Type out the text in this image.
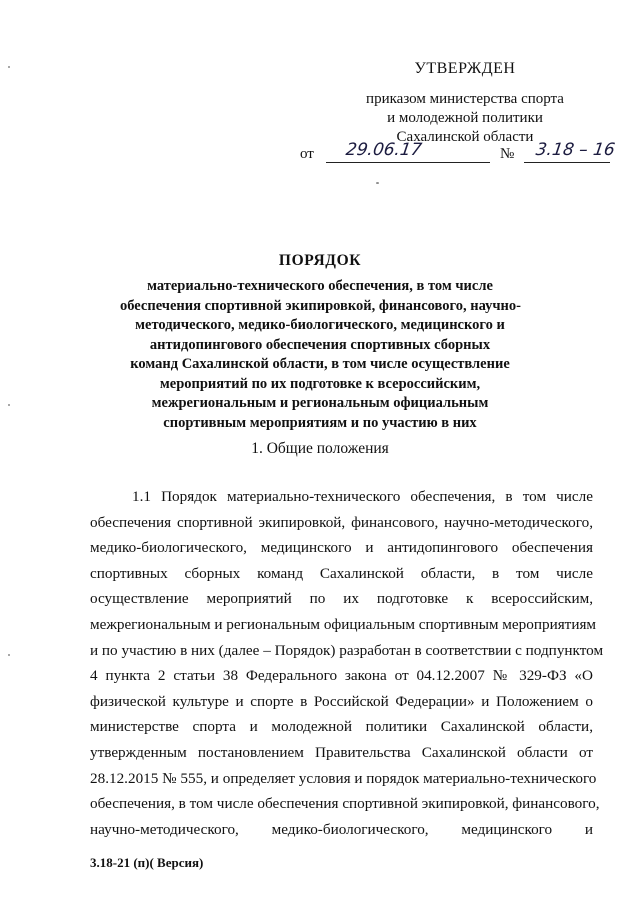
УТВЕРЖДЕН
приказом министерства спорта
и молодежной политики
Сахалинской области
от 29.06.17	№ 3.18 – 16
ПОРЯДОК
материально-технического обеспечения, в том числе
обеспечения спортивной экипировкой, финансового, научно-
методического, медико-биологического, медицинского и
антидопингового обеспечения спортивных сборных
команд Сахалинской области, в том числе осуществление
мероприятий по их подготовке к всероссийским,
межрегиональным и региональным официальным
спортивным мероприятиям и по участию в них
1. Общие положения
1.1 Порядок материально-технического обеспечения, в том числе
обеспечения спортивной экипировкой, финансового, научно-методического,
медико-биологического, медицинского и антидопингового обеспечения
спортивных сборных команд Сахалинской области, в том числе
осуществление мероприятий по их подготовке к всероссийским,
межрегиональным и региональным официальным спортивным мероприятиям
и по участию в них (далее – Порядок) разработан в соответствии с подпунктом
4 пункта 2 статьи 38 Федерального закона от 04.12.2007 № 329-ФЗ «О
физической культуре и спорте в Российской Федерации» и Положением о
министерстве спорта и молодежной политики Сахалинской области,
утвержденным постановлением Правительства Сахалинской области от
28.12.2015 № 555, и определяет условия и порядок материально-технического
обеспечения, в том числе обеспечения спортивной экипировкой, финансового,
научно-методического, медико-биологического, медицинского и
3.18-21 (п)( Версия)
